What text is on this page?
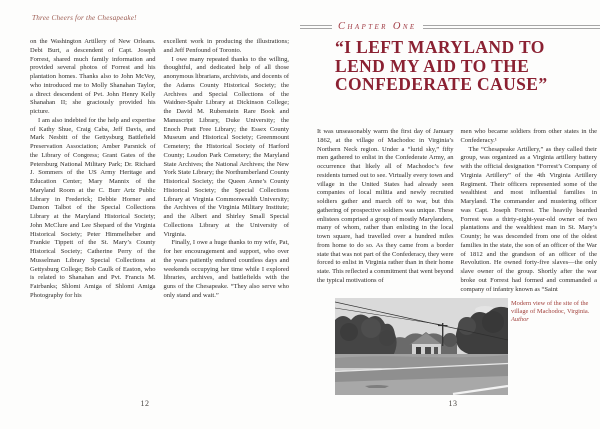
Three Cheers for the Chesapeake!

on the Washington Artillery of New Orleans. Debi Burt, a descendent of Capt. Joseph Forrest, shared much family information and provided several photos of Forrest and his plantation homes. Thanks also to John McVey, who introduced me to Molly Shanahan Taylor, a direct descendent of Pvt. John Henry Kelly Shanahan II; she graciously provided his picture.

I am also indebted for the help and expertise of Kathy Shue, Craig Caba, Jeff Davis, and Mark Nesbitt of the Gettysburg Battlefield Preservation Association; Amber Parsnick of the Library of Congress; Grant Gates of the Petersburg National Military Park; Dr. Richard J. Sommers of the US Army Heritage and Education Center; Mary Mannix of the Maryland Room at the C. Burr Artz Public Library in Frederick; Debbie Horner and Damon Talbot of the Special Collections Library at the Maryland Historical Society; John McClure and Lee Shepard of the Virginia Historical Society; Peter Himmelheber and Frankie Tippett of the St. Mary’s County Historical Society; Catherine Perry of the Musselman Library Special Collections at Gettysburg College; Bob Caulk of Easton, who is related to Shanahan and Pvt. Francis M. Fairbanks; Shlomi Amiga of Shlomi Amiga Photography for his

excellent work in producing the illustrations; and Jeff Penfound of Toronto.

I owe many repeated thanks to the willing, thoughtful, and dedicated help of all those anonymous librarians, archivists, and docents of the Adams County Historical Society; the Archives and Special Collections of the Waidner-Spahr Library at Dickinson College; the David M. Rubenstein Rare Book and Manuscript Library, Duke University; the Enoch Pratt Free Library; the Essex County Museum and Historical Society; Greenmount Cemetery; the Historical Society of Harford County; Loudon Park Cemetery; the Maryland State Archives; the National Archives; the New York State Library; the Northumberland County Historical Society; the Queen Anne’s County Historical Society; the Special Collections Library at Virginia Commonwealth University; the Archives of the Virginia Military Institute; and the Albert and Shirley Small Special Collections Library at the University of Virginia.

Finally, I owe a huge thanks to my wife, Pat, for her encouragement and support, who over the years patiently endured countless days and weekends occupying her time while I explored libraries, archives, and battlefields with the guns of the Chesapeake. “They also serve who only stand and wait.”

12
Chapter One
“I LEFT MARYLAND TO
LEND MY AID TO THE
CONFEDERATE CAUSE”

It was unseasonably warm the first day of January 1862, at the village of Machodoc in Virginia’s Northern Neck region. Under a “lurid sky,” fifty men gathered to enlist in the Confederate Army, an occurrence that likely all of Machodoc’s few residents turned out to see. Virtually every town and village in the United States had already seen companies of local militia and newly recruited soldiers gather and march off to war, but this gathering of prospective soldiers was unique. These enlistees comprised a group of mostly Marylanders, many of whom, rather than enlisting in the local town square, had travelled over a hundred miles from home to do so. As they came from a border state that was not part of the Confederacy, they were forced to enlist in Virginia rather than in their home state. This reflected a commitment that went beyond the typical motivations of

men who became soldiers from other states in the Confederacy.¹

The “Chesapeake Artillery,” as they called their group, was organized as a Virginia artillery battery with the official designation “Forrest’s Company of Virginia Artillery” of the 4th Virginia Artillery Regiment. Their officers represented some of the wealthiest and most influential families in Maryland. The commander and mustering officer was Capt. Joseph Forrest. The heavily bearded Forrest was a thirty-eight-year-old owner of two plantations and the wealthiest man in St. Mary’s County; he was descended from one of the oldest families in the state, the son of an officer of the War of 1812 and the grandson of an officer of the Revolution. He owned forty-five slaves—the only slave owner of the group. Shortly after the war broke out Forrest had formed and commanded a company of infantry known as “Saint

Modern view of the site of the village of Machodoc, Virginia. Author
13
